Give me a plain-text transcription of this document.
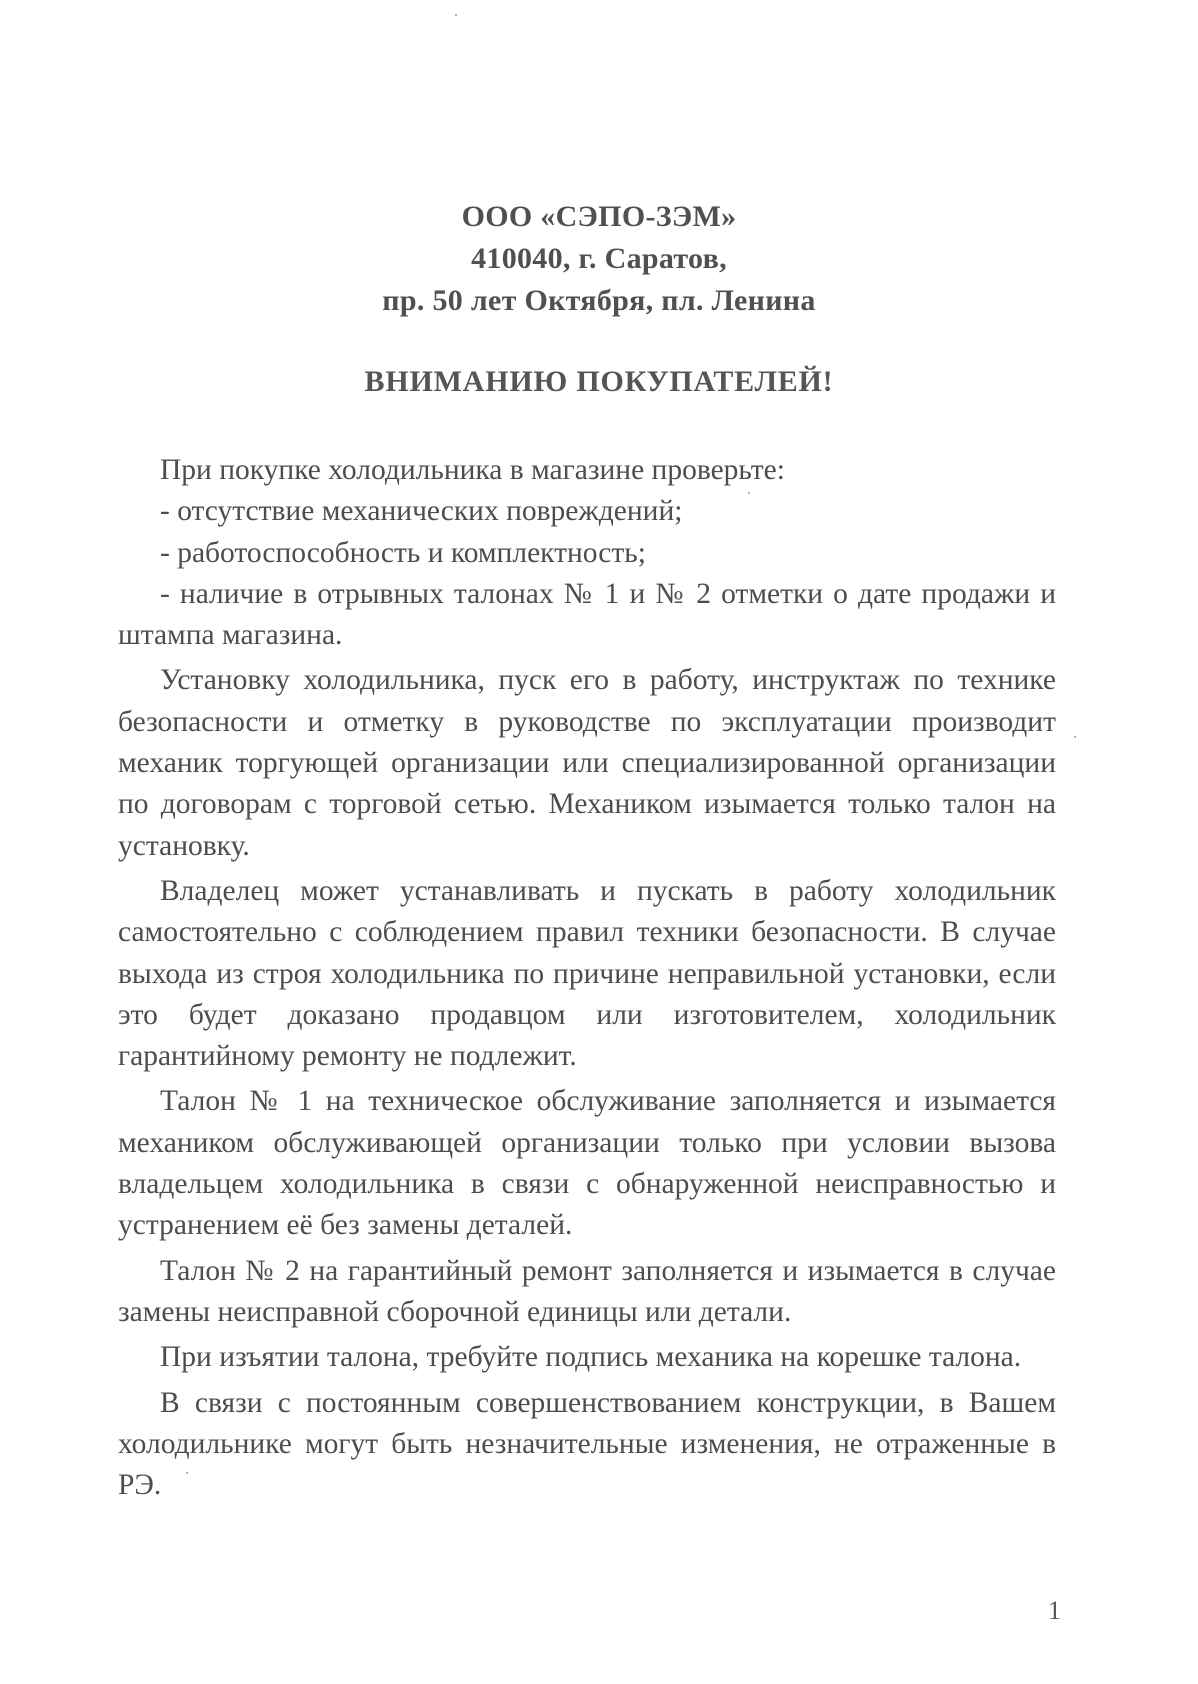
ООО «СЭПО-ЗЭМ»
410040, г. Саратов,
пр. 50 лет Октября, пл. Ленина
ВНИМАНИЮ ПОКУПАТЕЛЕЙ!

При покупке холодильника в магазине проверьте:

- отсутствие механических повреждений;

- работоспособность и комплектность;

- наличие в отрывных талонах № 1 и № 2 отметки о дате продажи и штампа магазина.

Установку холодильника, пуск его в работу, инструктаж по технике безопасности и отметку в руководстве по эксплуатации производит механик торгующей организации или специализированной организации по договорам с торговой сетью. Механиком изымается только талон на установку.

Владелец может устанавливать и пускать в работу холодильник самостоятельно с соблюдением правил техники безопасности. В случае выхода из строя холодильника по причине неправильной установки, если это будет доказано продавцом или изготовителем, холодильник гарантийному ремонту не подлежит.

Талон № 1 на техническое обслуживание заполняется и изымается механиком обслуживающей организации только при условии вызова владельцем холодильника в связи с обнаруженной неисправностью и устранением её без замены деталей.

Талон № 2 на гарантийный ремонт заполняется и изымается в случае замены неисправной сборочной единицы или детали.

При изъятии талона, требуйте подпись механика на корешке талона.

В связи с постоянным совершенствованием конструкции, в Вашем холодильнике могут быть незначительные изменения, не отраженные в РЭ.

1
